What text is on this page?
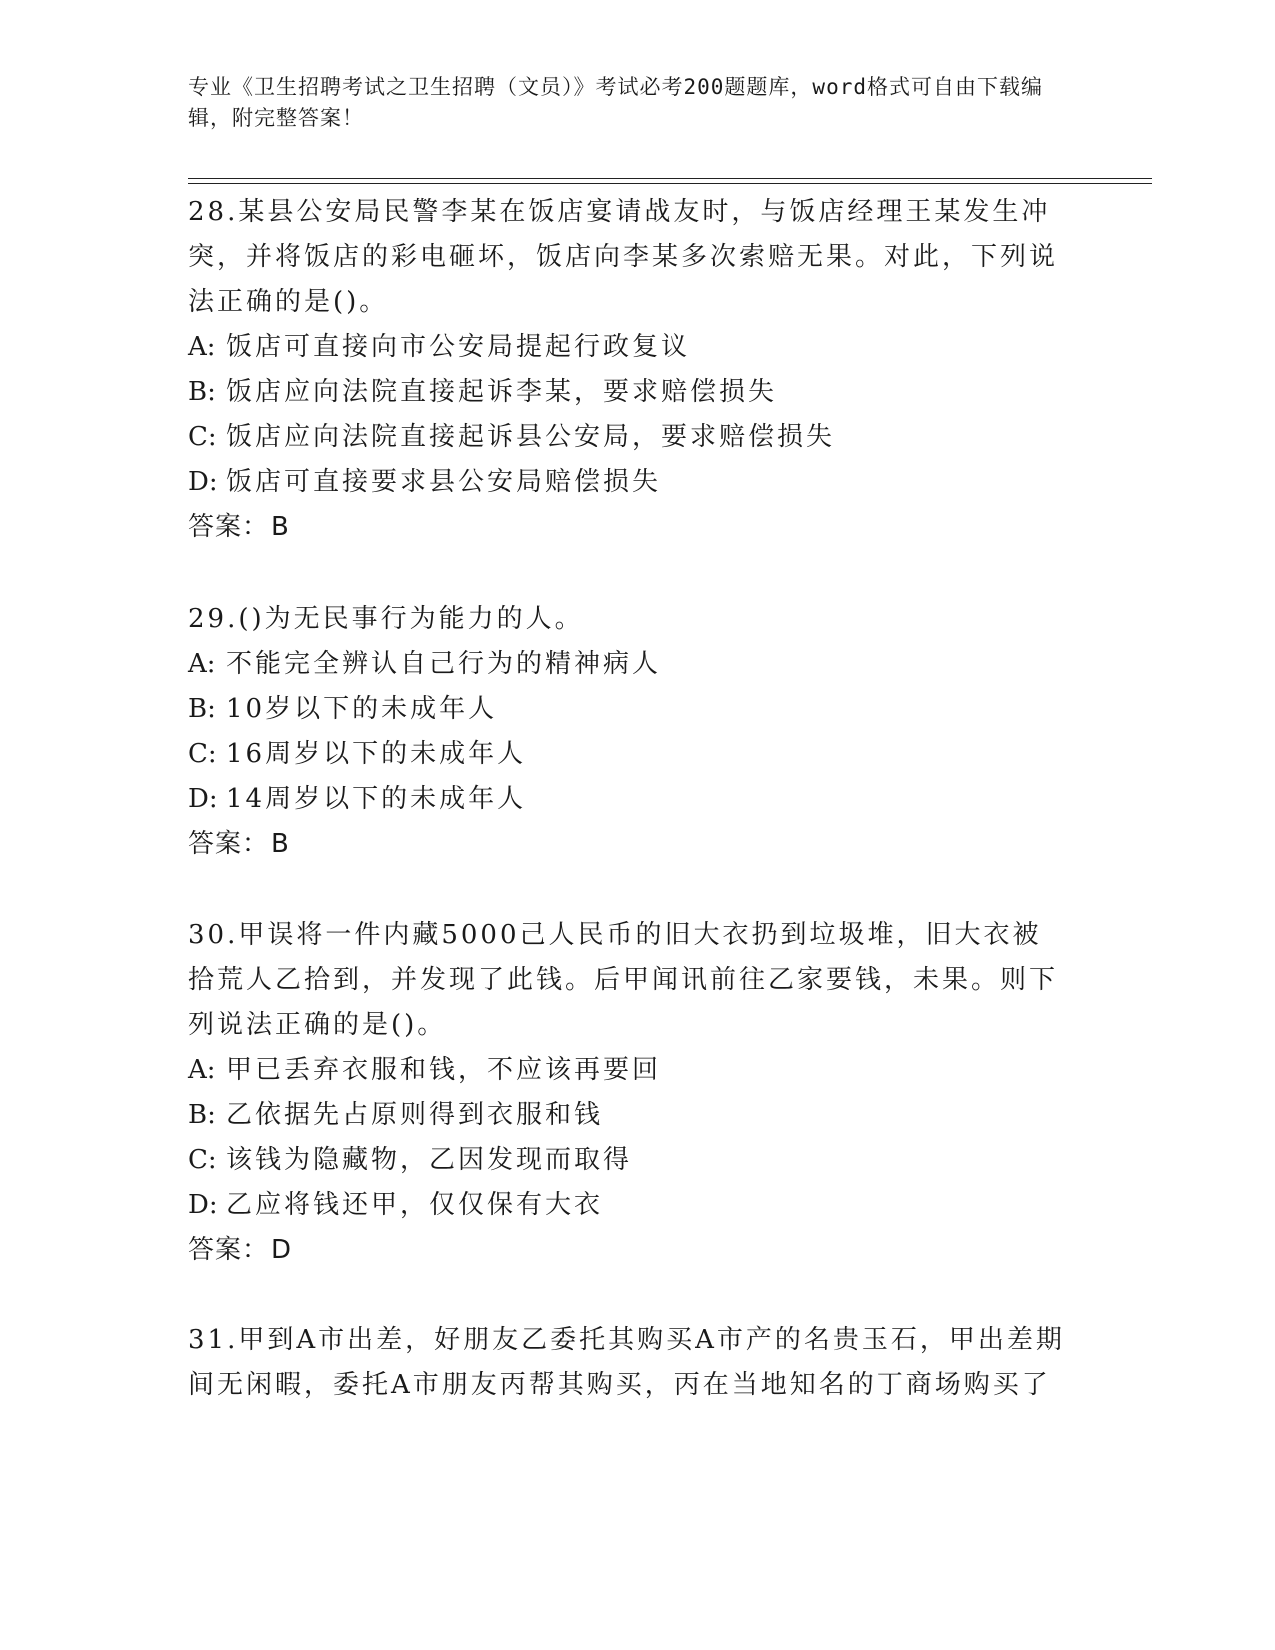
专业《卫生招聘考试之卫生招聘（文员）》考试必考200题题库，word格式可自由下载编辑，附完整答案！

28.某县公安局民警李某在饭店宴请战友时，与饭店经理王某发生冲突，并将饭店的彩电砸坏，饭店向李某多次索赔无果。对此，下列说法正确的是()。

A: 饭店可直接向市公安局提起行政复议

B: 饭店应向法院直接起诉李某，要求赔偿损失

C: 饭店应向法院直接起诉县公安局，要求赔偿损失

D: 饭店可直接要求县公安局赔偿损失

答案：B

29.()为无民事行为能力的人。

A: 不能完全辨认自己行为的精神病人

B: 10岁以下的未成年人

C: 16周岁以下的未成年人

D: 14周岁以下的未成年人

答案：B

30.甲误将一件内藏5000己人民币的旧大衣扔到垃圾堆，旧大衣被拾荒人乙拾到，并发现了此钱。后甲闻讯前往乙家要钱，未果。则下列说法正确的是()。

A: 甲已丢弃衣服和钱，不应该再要回

B: 乙依据先占原则得到衣服和钱

C: 该钱为隐藏物，乙因发现而取得

D: 乙应将钱还甲，仅仅保有大衣

答案：D

31.甲到A市出差，好朋友乙委托其购买A市产的名贵玉石，甲出差期间无闲暇，委托A市朋友丙帮其购买，丙在当地知名的丁商场购买了
